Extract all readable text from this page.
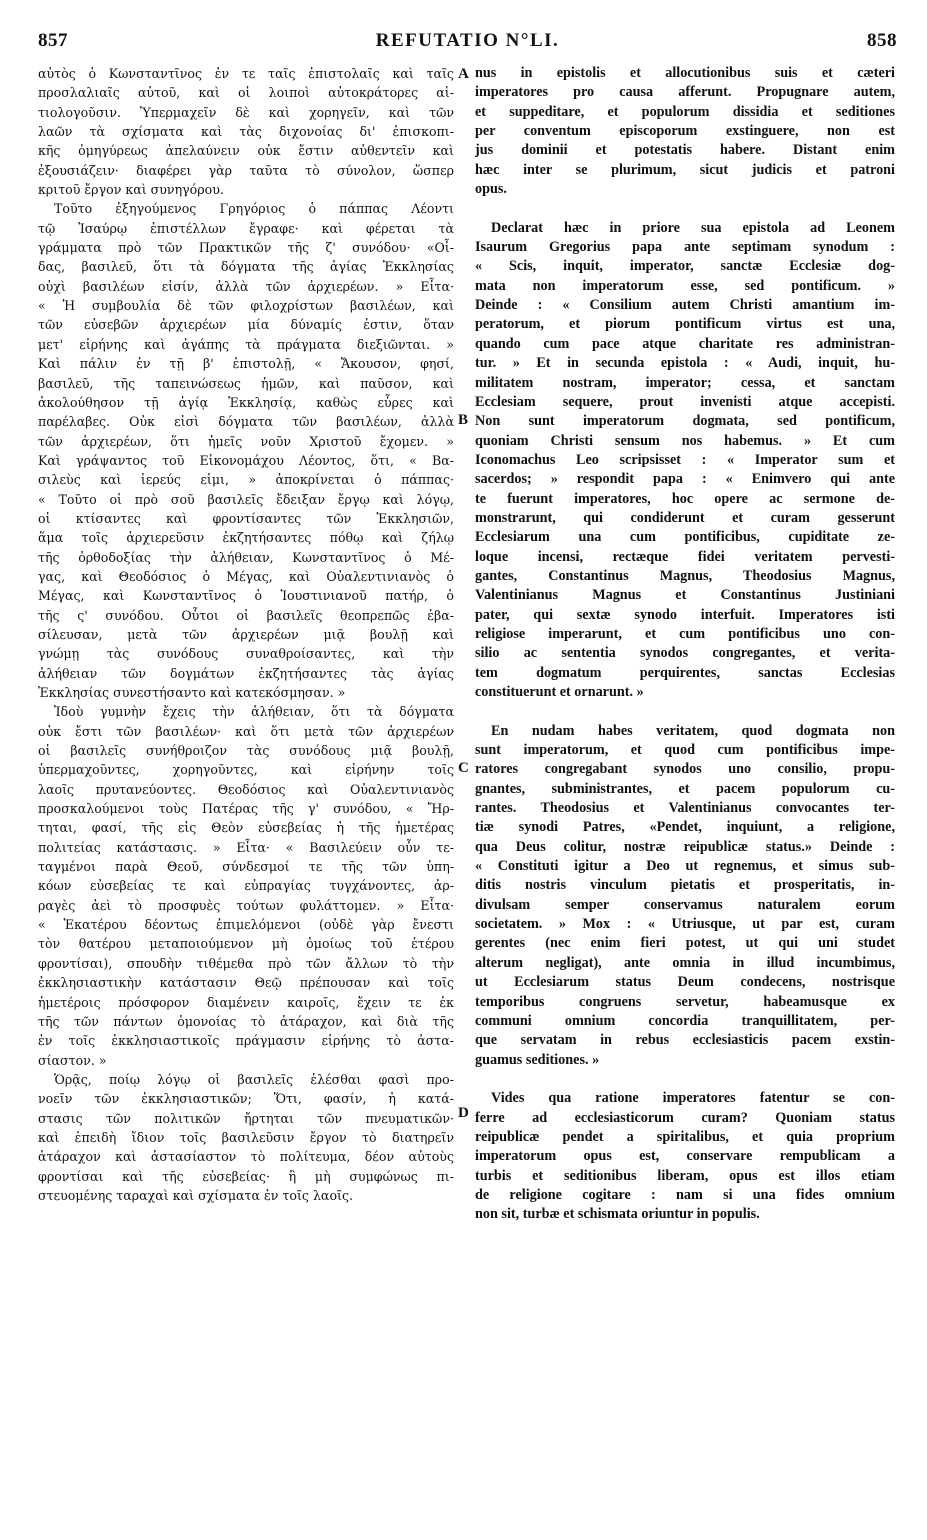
857	REFUTATIO N°LI.	858
αὐτὸς ὁ Κωνσταντῖνος ἐν τε ταῖς ἐπιστολαῖς καὶ ταῖς
προσλαλιαῖς αὐτοῦ, καὶ οἱ λοιποὶ αὐτοκράτορες αἱ-
τιολογοῦσιν. Ὑπερμαχεῖν δὲ καὶ χορηγεῖν, καὶ τῶν
λαῶν τὰ σχίσματα καὶ τὰς διχονοίας δι' ἐπισκοπι-
κῆς ὁμηγύρεως ἀπελαύνειν οὐκ ἔστιν αὐθεντεῖν καὶ
ἐξουσιάζειν· διαφέρει γὰρ ταῦτα τὸ σύνολον, ὥσπερ
κριτοῦ ἔργον καὶ συνηγόρου.
Τοῦτο ἐξηγούμενος Γρηγόριος ὁ πάππας Λέοντι
τῷ Ἰσαύρῳ ἐπιστέλλων ἔγραφε· καὶ φέρεται τὰ
γράμματα πρὸ τῶν Πρακτικῶν τῆς ζ' συνόδου· «Οἶ-
δας, βασιλεῦ, ὅτι τὰ δόγματα τῆς ἁγίας Ἐκκλησίας
οὐχὶ βασιλέων εἰσίν, ἀλλὰ τῶν ἀρχιερέων. » Εἶτα·
« Ἡ συμβουλία δὲ τῶν φιλοχρίστων βασιλέων, καὶ
τῶν εὐσεβῶν ἀρχιερέων μία δύναμίς ἐστιν, ὅταν
μετ' εἰρήνης καὶ ἀγάπης τὰ πράγματα διεξιῶνται. »
Καὶ πάλιν ἐν τῇ β' ἐπιστολῇ, « Ἄκουσον, φησί,
βασιλεῦ, τῆς ταπεινώσεως ἡμῶν, καὶ παῦσον, καὶ
ἀκολούθησον τῇ ἁγίᾳ Ἐκκλησίᾳ, καθὼς εὗρες καὶ
παρέλαβες. Οὐκ εἰσὶ δόγματα τῶν βασιλέων, ἀλλὰ
τῶν ἀρχιερέων, ὅτι ἡμεῖς νοῦν Χριστοῦ ἔχομεν. »
Καὶ γράψαντος τοῦ Εἰκονομάχου Λέοντος, ὅτι, « Βα-
σιλεὺς καὶ ἱερεύς εἰμι, » ἀποκρίνεται ὁ πάππας·
« Τοῦτο οἱ πρὸ σοῦ βασιλεῖς ἔδειξαν ἔργῳ καὶ λόγῳ,
οἱ κτίσαντες καὶ φροντίσαντες τῶν Ἐκκλησιῶν,
ἅμα τοῖς ἀρχιερεῦσιν ἐκζητήσαντες πόθῳ καὶ ζήλῳ
τῆς ὀρθοδοξίας τὴν ἀλήθειαν, Κωνσταντῖνος ὁ Μέ-
γας, καὶ Θεοδόσιος ὁ Μέγας, καὶ Οὐαλεντινιανὸς ὁ
Μέγας, καὶ Κωνσταντῖνος ὁ Ἰουστινιανοῦ πατήρ, ὁ
τῆς ς' συνόδου. Οὗτοι οἱ βασιλεῖς θεοπρεπῶς ἐβα-
σίλευσαν, μετὰ τῶν ἀρχιερέων μιᾷ βουλῇ καὶ
γνώμῃ τὰς συνόδους συναθροίσαντες, καὶ τὴν
ἀλήθειαν τῶν δογμάτων ἐκζητήσαντες τὰς ἁγίας
Ἐκκλησίας συνεστήσαντο καὶ κατεκόσμησαν. »
Ἰδοὺ γυμνὴν ἔχεις τὴν ἀλήθειαν, ὅτι τὰ δόγματα
οὐκ ἔστι τῶν βασιλέων· καὶ ὅτι μετὰ τῶν ἀρχιερέων
οἱ βασιλεῖς συνήθροιζον τὰς συνόδους μιᾷ βουλῇ,
ὑπερμαχοῦντες, χορηγοῦντες, καὶ εἰρήνην τοῖς
λαοῖς πρυτανεύοντες. Θεοδόσιος καὶ Οὐαλεντινιανὸς
προσκαλούμενοι τοὺς Πατέρας τῆς γ' συνόδου, « Ἤρ-
τηται, φασί, τῆς εἰς Θεὸν εὐσεβείας ἡ τῆς ἡμετέρας
πολιτείας κατάστασις. » Εἶτα· « Βασιλεύειν οὖν τε-
ταγμένοι παρὰ Θεοῦ, σύνδεσμοί τε τῆς τῶν ὑπη-
κόων εὐσεβείας τε καὶ εὐπραγίας τυγχάνοντες, ἀρ-
ραγὲς ἀεὶ τὸ προσφυὲς τούτων φυλάττομεν. » Εἶτα·
« Ἑκατέρου δέοντως ἐπιμελόμενοι (οὐδὲ γὰρ ἔνεστι
τὸν θατέρου μεταποιούμενον μὴ ὁμοίως τοῦ ἑτέρου
φροντίσαι), σπουδὴν τιθέμεθα πρὸ τῶν ἄλλων τὸ τὴν
ἐκκλησιαστικὴν κατάστασιν Θεῷ πρέπουσαν καὶ τοῖς
ἡμετέροις πρόσφορον διαμένειν καιροῖς, ἔχειν τε ἐκ
τῆς τῶν πάντων ὁμονοίας τὸ ἀτάραχον, καὶ διὰ τῆς
ἐν τοῖς ἐκκλησιαστικοῖς πράγμασιν εἰρήνης τὸ ἀστα-
σίαστον. »
Ὁρᾷς, ποίῳ λόγῳ οἱ βασιλεῖς ἑλέσθαι φασὶ προ-
νοεῖν τῶν ἐκκλησιαστικῶν; Ὅτι, φασίν, ἡ κατά-
στασις τῶν πολιτικῶν ἤρτηται τῶν πνευματικῶν·
καὶ ἐπειδὴ ἴδιον τοῖς βασιλεῦσιν ἔργον τὸ διατηρεῖν
ἀτάραχον καὶ ἀστασίαστον τὸ πολίτευμα, δέον αὐτοὺς
φροντίσαι καὶ τῆς εὐσεβείας· ἢ μὴ συμφώνως πι-
στευομένης ταραχαὶ καὶ σχίσματα ἐν τοῖς λαοῖς.
nus in epistolis et allocutionibus suis et cæteri
imperatores pro causa afferunt. Propugnare autem,
et suppeditare, et populorum dissidia et seditiones
per conventum episcoporum exstinguere, non est
jus dominii et potestatis habere. Distant enim
hæc inter se plurimum, sicut judicis et patroni
opus.
Declarat hæc in priore sua epistola ad Leonem
Isaurum Gregorius papa ante septimam synodum :
« Scis, inquit, imperator, sanctæ Ecclesiæ dog-
mata non imperatorum esse, sed pontificum. »
Deinde : « Consilium autem Christi amantium im-
peratorum, et piorum pontificum virtus est una,
quando cum pace atque charitate res administran-
tur. » Et in secunda epistola : « Audi, inquit, hu-
militatem nostram, imperator; cessa, et sanctam
Ecclesiam sequere, prout invenisti atque accepisti.
Non sunt imperatorum dogmata, sed pontificum,
quoniam Christi sensum nos habemus. » Et cum
Iconomachus Leo scripsisset : « Imperator sum et
sacerdos; » respondit papa : « Enimvero qui ante
te fuerunt imperatores, hoc opere ac sermone de-
monstrarunt, qui condiderunt et curam gesserunt
Ecclesiarum una cum pontificibus, cupiditate ze-
loque incensi, rectæque fidei veritatem pervesti-
gantes, Constantinus Magnus, Theodosius Magnus,
Valentinianus Magnus et Constantinus Justiniani
pater, qui sextæ synodo interfuit. Imperatores isti
religiose imperarunt, et cum pontificibus uno con-
silio ac sententia synodos congregantes, et verita-
tem dogmatum perquirentes, sanctas Ecclesias
constituerunt et ornarunt. »
En nudam habes veritatem, quod dogmata non
sunt imperatorum, et quod cum pontificibus impe-
ratores congregabant synodos uno consilio, propu-
gnantes, subministrantes, et pacem populorum cu-
rantes. Theodosius et Valentinianus convocantes ter-
tiæ synodi Patres, «Pendet, inquiunt, a religione,
qua Deus colitur, nostræ reipublicæ status.» Deinde :
« Constituti igitur a Deo ut regnemus, et simus sub-
ditis nostris vinculum pietatis et prosperitatis, in-
divulsam semper conservamus naturalem eorum
societatem. » Mox : « Utriusque, ut par est, curam
gerentes (nec enim fieri potest, ut qui uni studet
alterum negligat), ante omnia in illud incumbimus,
ut Ecclesiarum status Deum condecens, nostrisque
temporibus congruens servetur, habeamusque ex
communi omnium concordia tranquillitatem, per-
que servatam in rebus ecclesiasticis pacem exstin-
guamus seditiones. »
Vides qua ratione imperatores fatentur se con-
ferre ad ecclesiasticorum curam? Quoniam status
reipublicæ pendet a spiritalibus, et quia proprium
imperatorum opus est, conservare rempublicam a
turbis et seditionibus liberam, opus est illos etiam
de religione cogitare : nam si una fides omnium
non sit, turbæ et schismata oriuntur in populis.
A
B
C
D
